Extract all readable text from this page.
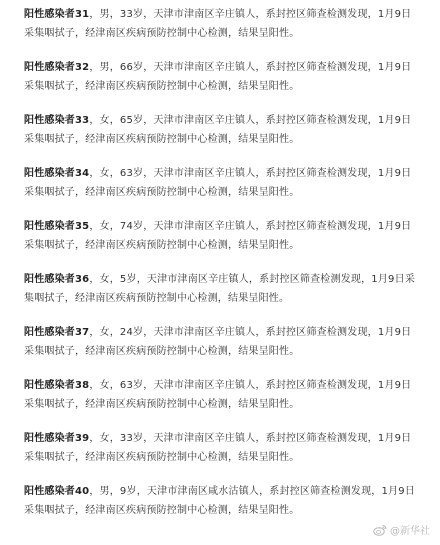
阳性感染者31，男，33岁，天津市津南区辛庄镇人，系封控区筛查检测发现，1月9日采集咽拭子，经津南区疾病预防控制中心检测，结果呈阳性。
阳性感染者32，男，66岁，天津市津南区辛庄镇人，系封控区筛查检测发现，1月9日采集咽拭子，经津南区疾病预防控制中心检测，结果呈阳性。
阳性感染者33，女，65岁，天津市津南区辛庄镇人，系封控区筛查检测发现，1月9日采集咽拭子，经津南区疾病预防控制中心检测，结果呈阳性。
阳性感染者34，女，63岁，天津市津南区辛庄镇人，系封控区筛查检测发现，1月9日采集咽拭子，经津南区疾病预防控制中心检测，结果呈阳性。
阳性感染者35，女，74岁，天津市津南区辛庄镇人，系封控区筛查检测发现，1月9日采集咽拭子，经津南区疾病预防控制中心检测，结果呈阳性。
阳性感染者36，女，5岁，天津市津南区辛庄镇人，系封控区筛查检测发现，1月9日采集咽拭子，经津南区疾病预防控制中心检测，结果呈阳性。
阳性感染者37，女，24岁，天津市津南区辛庄镇人，系封控区筛查检测发现，1月9日采集咽拭子，经津南区疾病预防控制中心检测，结果呈阳性。
阳性感染者38，女，63岁，天津市津南区辛庄镇人，系封控区筛查检测发现，1月9日采集咽拭子，经津南区疾病预防控制中心检测，结果呈阳性。
阳性感染者39，女，33岁，天津市津南区辛庄镇人，系封控区筛查检测发现，1月9日采集咽拭子，经津南区疾病预防控制中心检测，结果呈阳性。
阳性感染者40，男，9岁，天津市津南区咸水沽镇人，系封控区筛查检测发现，1月9日采集咽拭子，经津南区疾病预防控制中心检测，结果呈阳性。
@新华社
